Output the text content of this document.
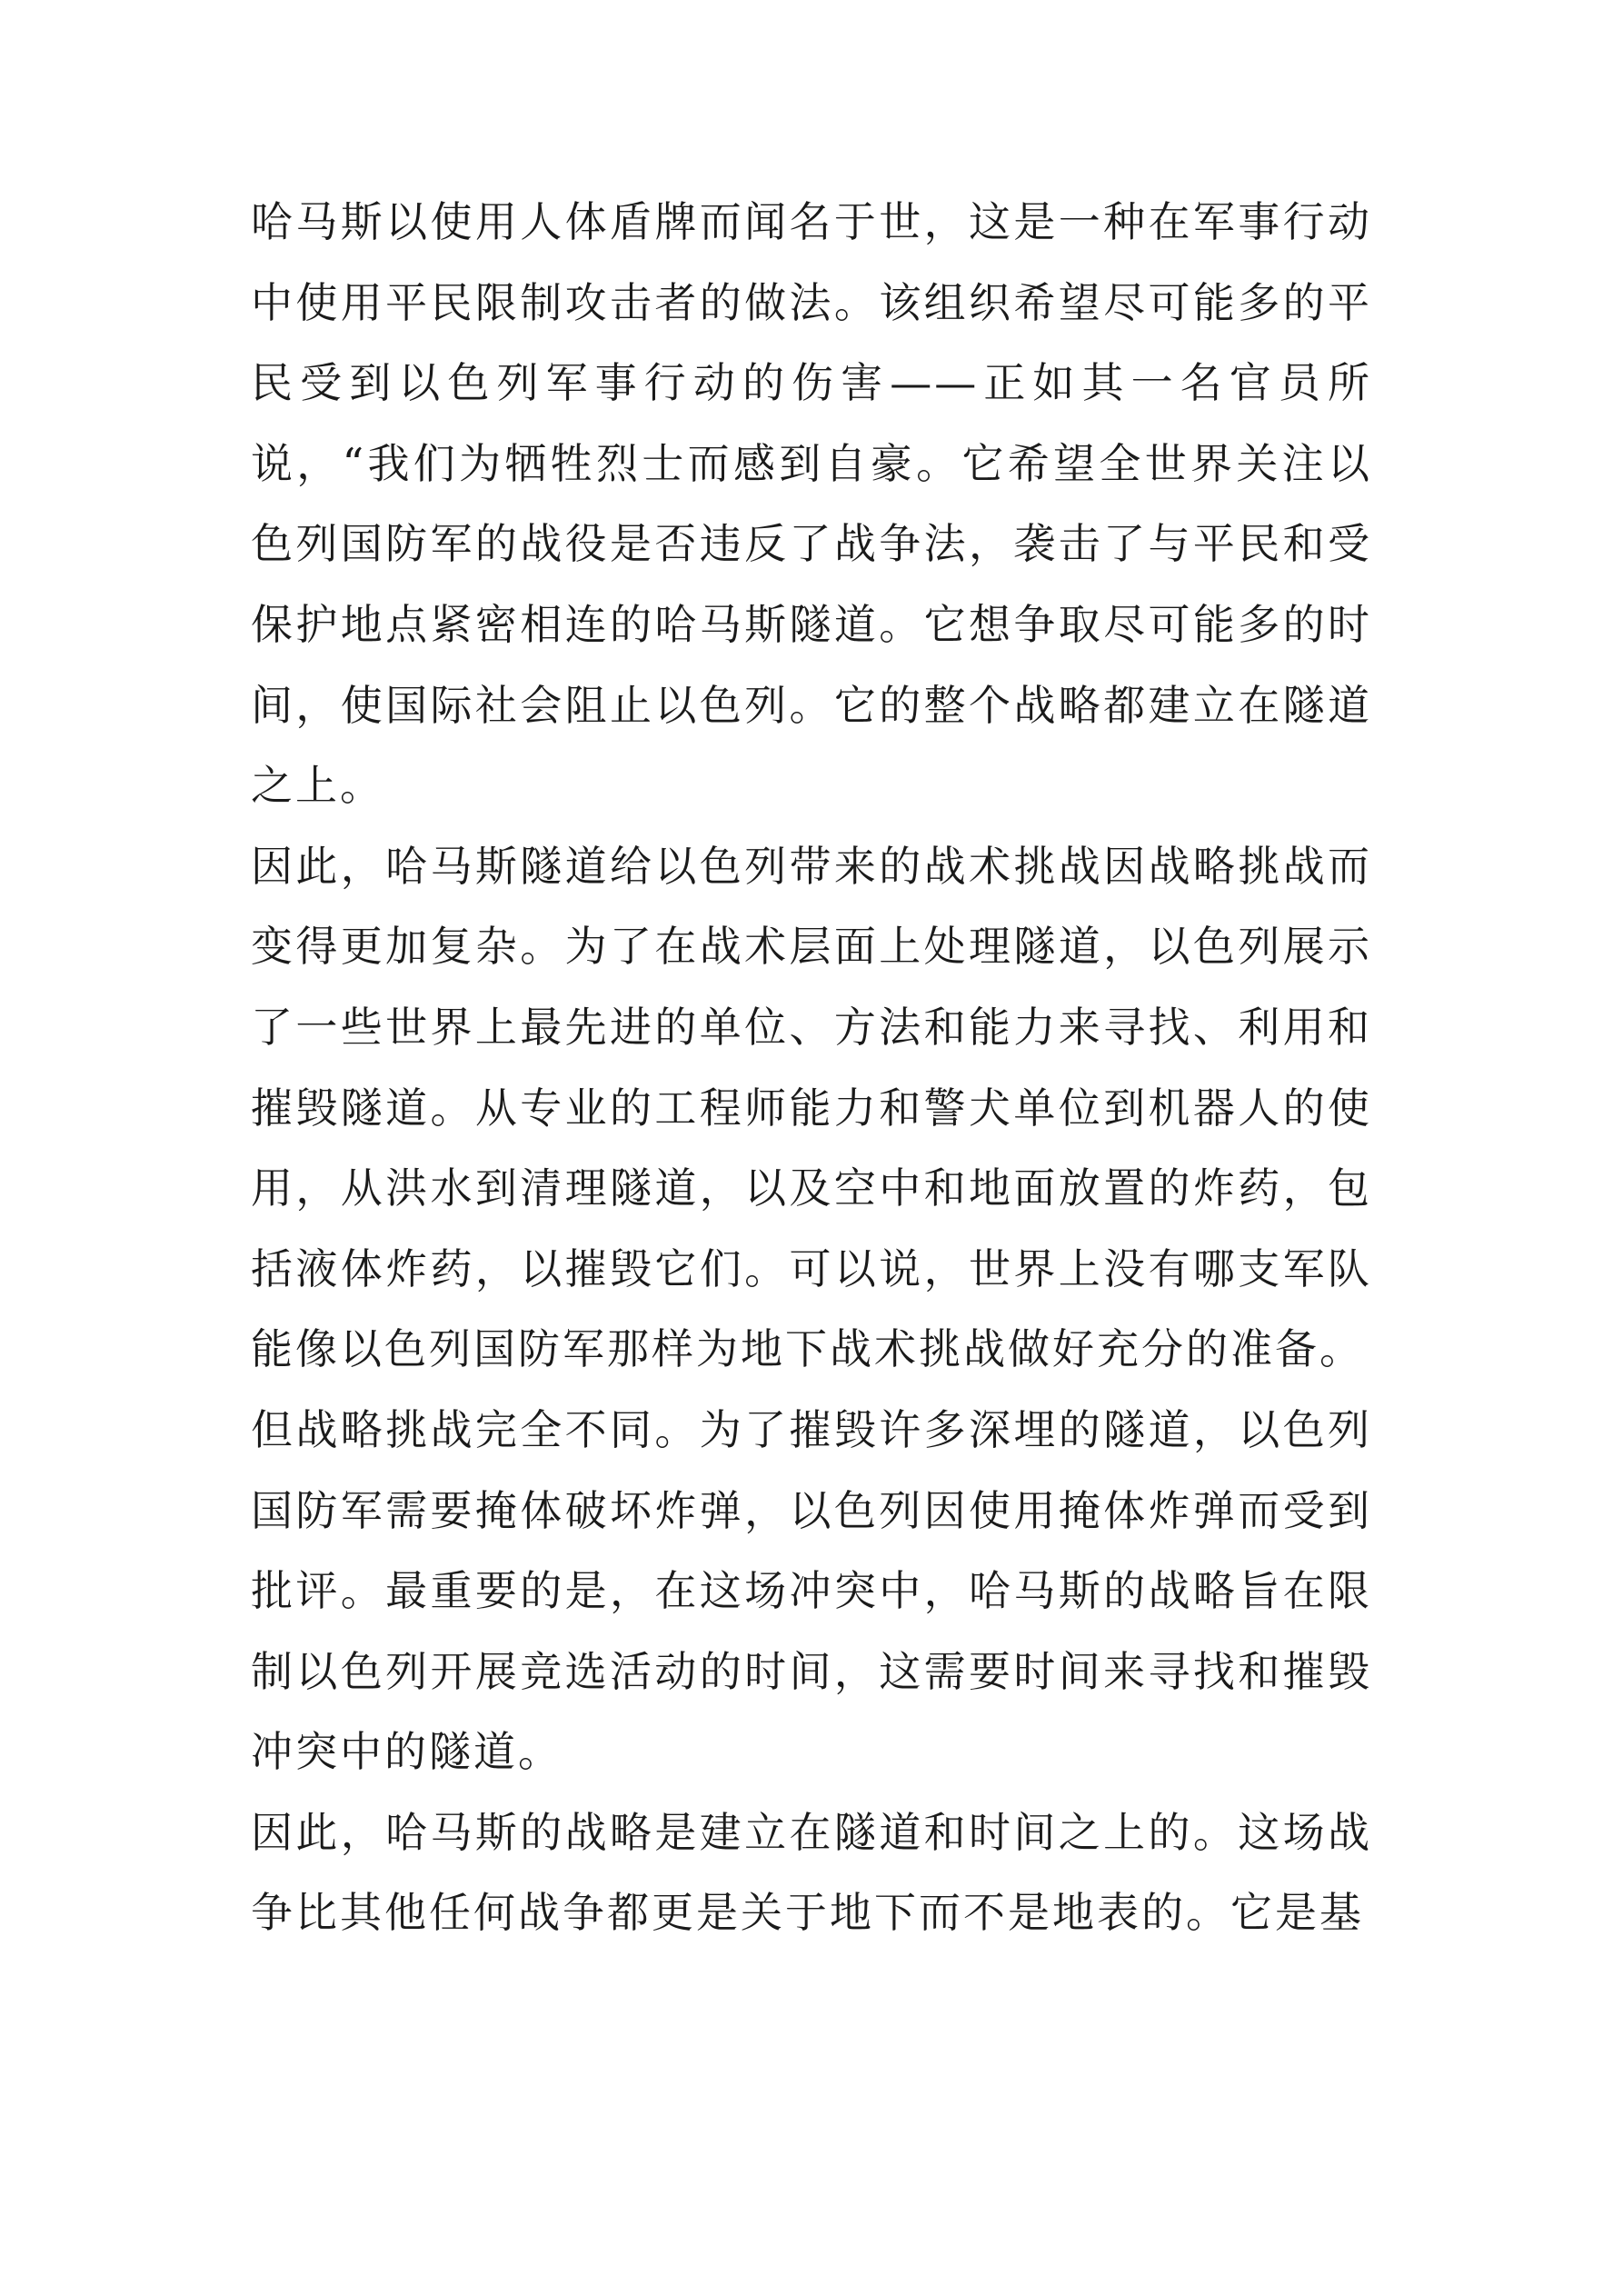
哈马斯以使用人体盾牌而闻名于世，这是一种在军事行动中使用平民限制攻击者的做法。该组织希望尽可能多的平民受到以色列军事行动的伤害——正如其一名官员所说，“我们为牺牲烈士而感到自豪。它希望全世界关注以色列国防军的战役是否违反了战争法，袭击了与平民和受保护地点紧密相连的哈马斯隧道。它想争取尽可能多的时间，使国际社会阻止以色列。它的整个战略都建立在隧道之上。

因此，哈马斯隧道给以色列带来的战术挑战因战略挑战而变得更加复杂。为了在战术层面上处理隧道，以色列展示了一些世界上最先进的单位、方法和能力来寻找、利用和摧毁隧道。从专业的工程师能力和警犬单位到机器人的使用，从洪水到清理隧道，以及空中和地面放置的炸药，包括液体炸药，以摧毁它们。可以说，世界上没有哪支军队能像以色列国防军那样为地下战术挑战做好充分的准备。

但战略挑战完全不同。为了摧毁许多深埋的隧道，以色列国防军需要掩体破坏炸弹，以色列因使用掩体炸弹而受到批评。最重要的是，在这场冲突中，哈马斯的战略旨在限制以色列开展竞选活动的时间，这需要时间来寻找和摧毁冲突中的隧道。

因此，哈马斯的战略是建立在隧道和时间之上的。这场战争比其他任何战争都更是关于地下而不是地表的。它是基
